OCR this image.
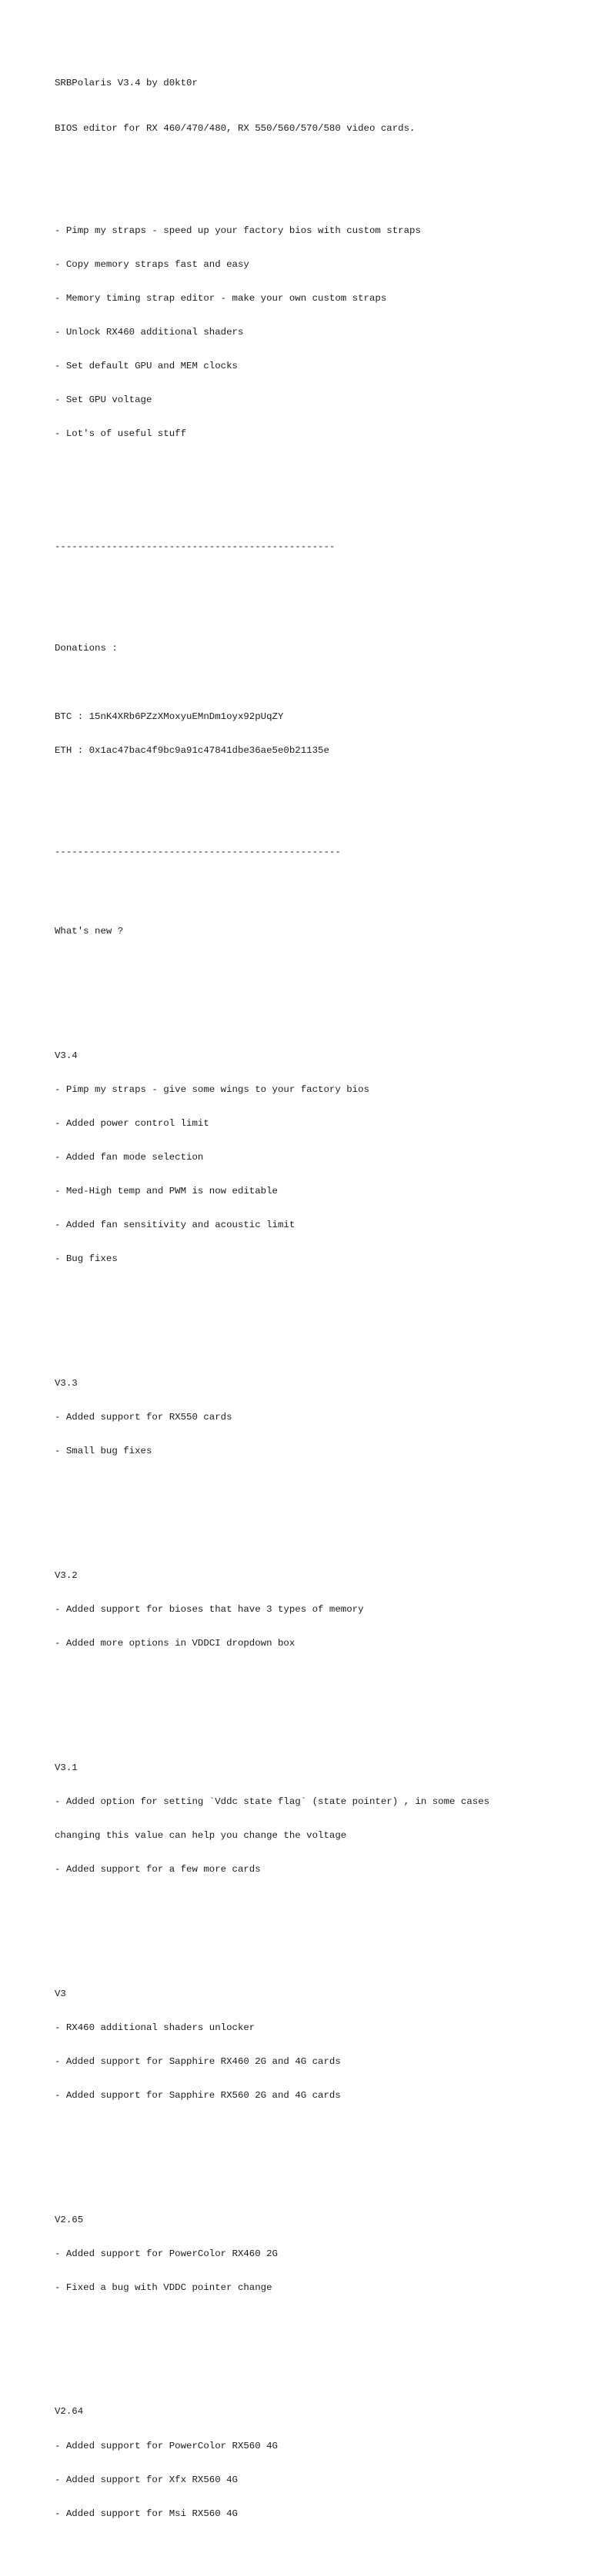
SRBPolaris V3.4 by d0kt0r

BIOS editor for RX 460/470/480, RX 550/560/570/580 video cards.

- Pimp my straps - speed up your factory bios with custom straps

- Copy memory straps fast and easy

- Memory timing strap editor - make your own custom straps

- Unlock RX460 additional shaders

- Set default GPU and MEM clocks

- Set GPU voltage

- Lot's of useful stuff

-------------------------------------------------

Donations :

BTC : 15nK4XRb6PZzXMoxyuEMnDm1oyx92pUqZY

ETH : 0x1ac47bac4f9bc9a91c47841dbe36ae5e0b21135e

--------------------------------------------------

What's new ?

V3.4

- Pimp my straps - give some wings to your factory bios

- Added power control limit

- Added fan mode selection

- Med-High temp and PWM is now editable

- Added fan sensitivity and acoustic limit

- Bug fixes

V3.3

- Added support for RX550 cards

- Small bug fixes

V3.2

- Added support for bioses that have 3 types of memory

- Added more options in VDDCI dropdown box

V3.1

- Added option for setting `Vddc state flag` (state pointer) , in some cases

changing this value can help you change the voltage

- Added support for a few more cards

V3

- RX460 additional shaders unlocker

- Added support for Sapphire RX460 2G and 4G cards

- Added support for Sapphire RX560 2G and 4G cards

V2.65

- Added support for PowerColor RX460 2G

- Fixed a bug with VDDC pointer change

V2.64

- Added support for PowerColor RX560 4G

- Added support for Xfx RX560 4G

- Added support for Msi RX560 4G
